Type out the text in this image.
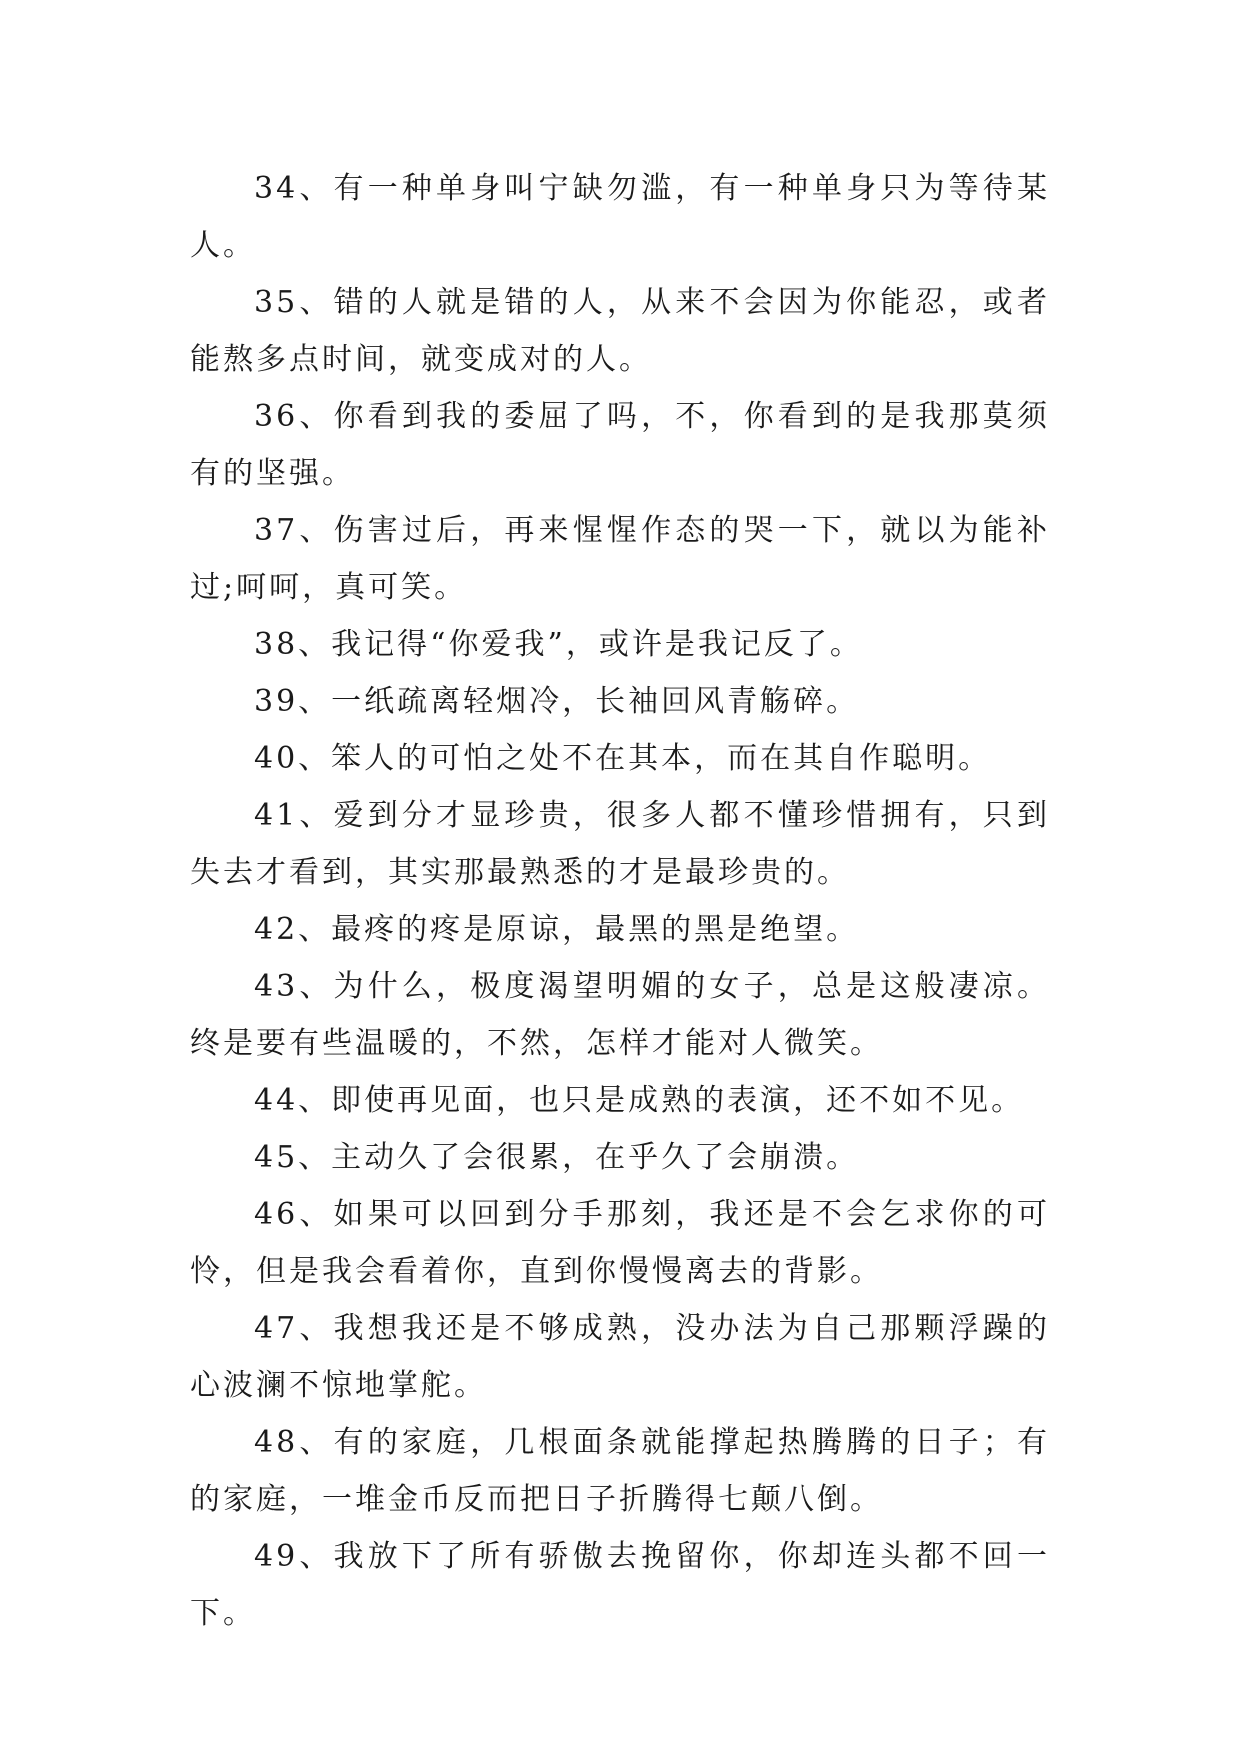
34、有一种单身叫宁缺勿滥，有一种单身只为等待某人。

35、错的人就是错的人，从来不会因为你能忍，或者能熬多点时间，就变成对的人。

36、你看到我的委屈了吗，不，你看到的是我那莫须有的坚强。

37、伤害过后，再来惺惺作态的哭一下，就以为能补过;呵呵，真可笑。

38、我记得“你爱我”，或许是我记反了。

39、一纸疏离轻烟冷，长袖回风青觞碎。

40、笨人的可怕之处不在其本，而在其自作聪明。

41、爱到分才显珍贵，很多人都不懂珍惜拥有，只到失去才看到，其实那最熟悉的才是最珍贵的。

42、最疼的疼是原谅，最黑的黑是绝望。

43、为什么，极度渴望明媚的女子，总是这般凄凉。终是要有些温暖的，不然，怎样才能对人微笑。

44、即使再见面，也只是成熟的表演，还不如不见。

45、主动久了会很累，在乎久了会崩溃。

46、如果可以回到分手那刻，我还是不会乞求你的可怜，但是我会看着你，直到你慢慢离去的背影。

47、我想我还是不够成熟，没办法为自己那颗浮躁的心波澜不惊地掌舵。

48、有的家庭，几根面条就能撑起热腾腾的日子；有的家庭，一堆金币反而把日子折腾得七颠八倒。

49、我放下了所有骄傲去挽留你，你却连头都不回一下。
